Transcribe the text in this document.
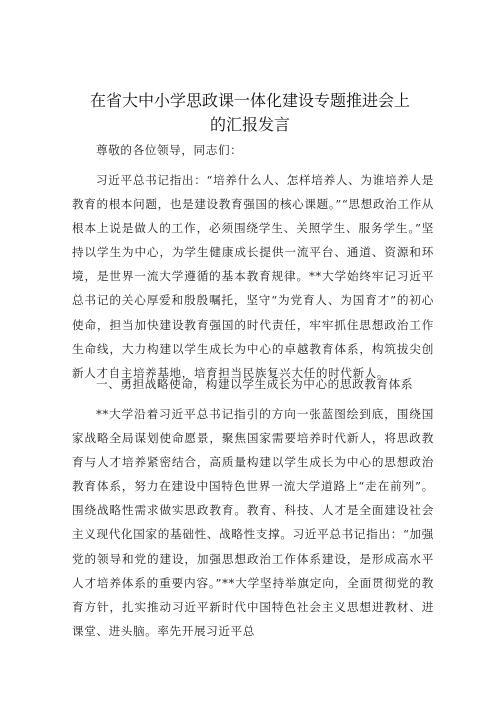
在省大中小学思政课一体化建设专题推进会上
的汇报发言

尊敬的各位领导，同志们：

习近平总书记指出：“培养什么人、怎样培养人、为谁培养人是教育的根本问题，也是建设教育强国的核心课题。”“思想政治工作从根本上说是做人的工作，必须围绕学生、关照学生、服务学生。”坚持以学生为中心，为学生健康成长提供一流平台、通道、资源和环境，是世界一流大学遵循的基本教育规律。**大学始终牢记习近平总书记的关心厚爱和殷殷嘱托，坚守“为党育人、为国育才”的初心使命，担当加快建设教育强国的时代责任，牢牢抓住思想政治工作生命线，大力构建以学生成长为中心的卓越教育体系，构筑拔尖创新人才自主培养基地，培育担当民族复兴大任的时代新人。

一、勇担战略使命，构建以学生成长为中心的思政教育体系

**大学沿着习近平总书记指引的方向一张蓝图绘到底，围绕国家战略全局谋划使命愿景，聚焦国家需要培养时代新人，将思政教育与人才培养紧密结合，高质量构建以学生成长为中心的思想政治教育体系，努力在建设中国特色世界一流大学道路上“走在前列”。围绕战略性需求做实思政教育。教育、科技、人才是全面建设社会主义现代化国家的基础性、战略性支撑。习近平总书记指出：“加强党的领导和党的建设，加强思想政治工作体系建设，是形成高水平人才培养体系的重要内容。”**大学坚持举旗定向，全面贯彻党的教育方针，扎实推动习近平新时代中国特色社会主义思想进教材、进课堂、进头脑。率先开展习近平总
